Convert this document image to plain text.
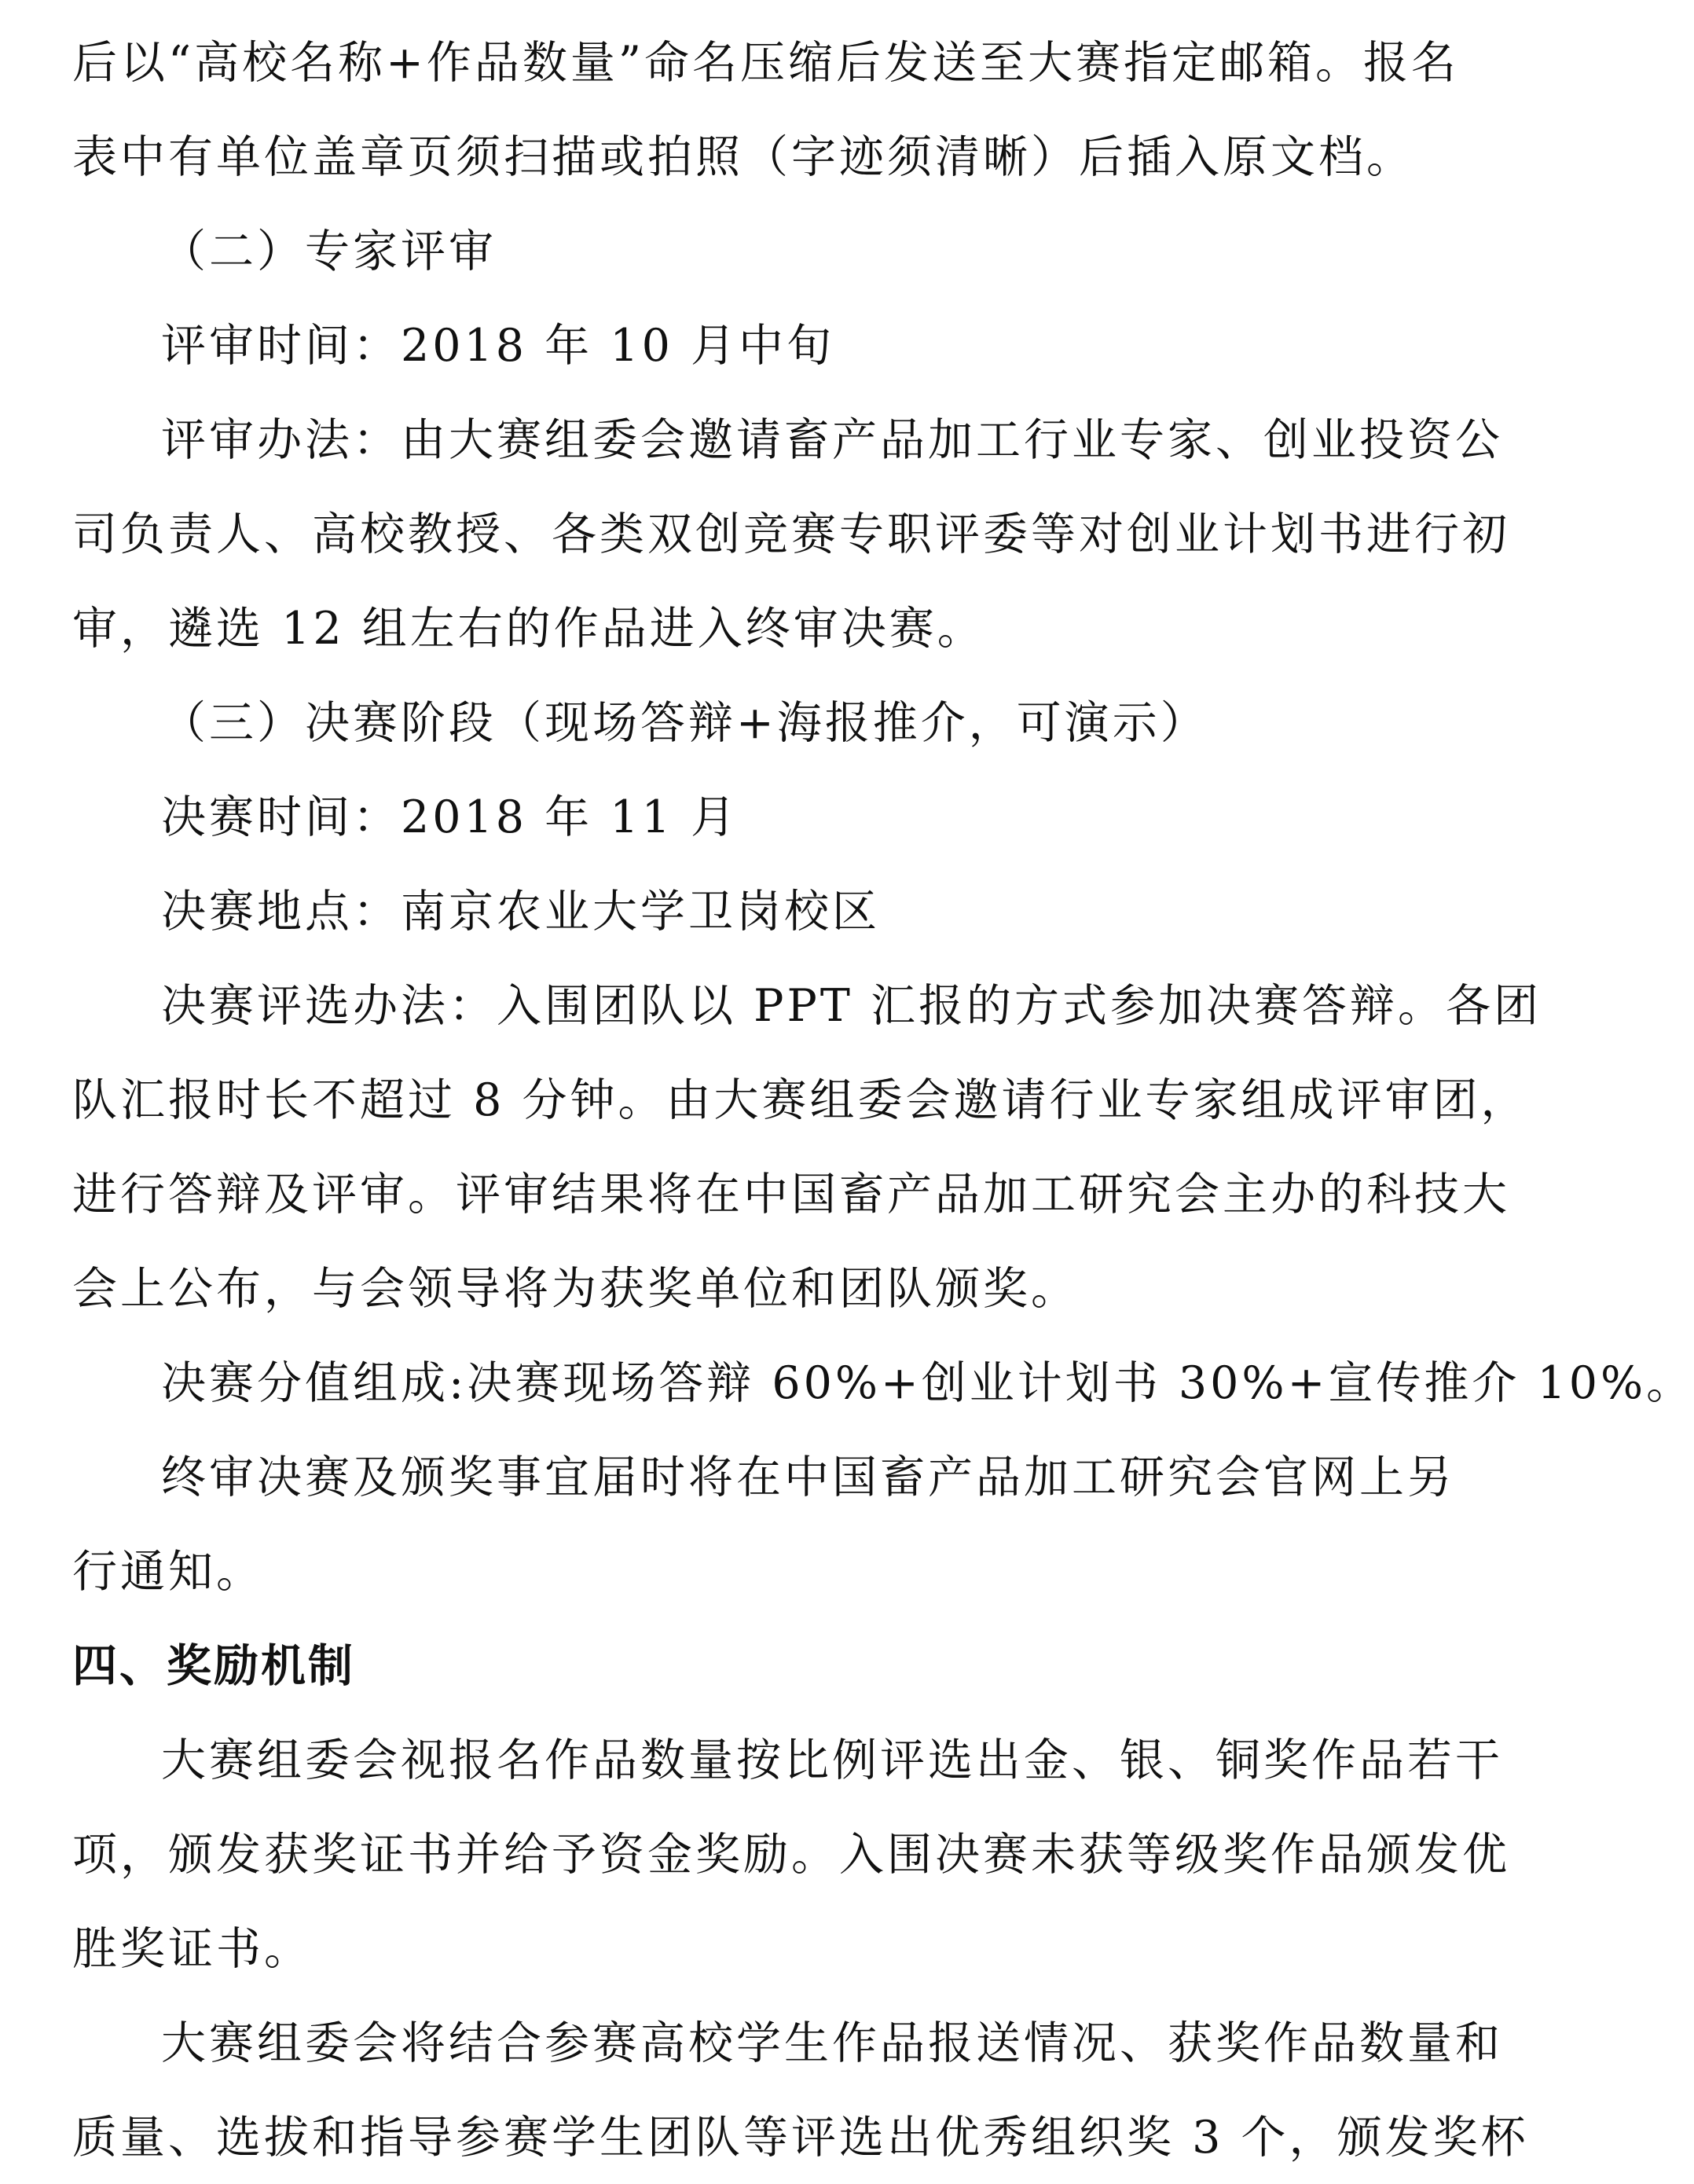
后以“高校名称+作品数量”命名压缩后发送至大赛指定邮箱。报名

表中有单位盖章页须扫描或拍照（字迹须清晰）后插入原文档。

（二）专家评审

评审时间：2018 年 10 月中旬

评审办法：由大赛组委会邀请畜产品加工行业专家、创业投资公

司负责人、高校教授、各类双创竞赛专职评委等对创业计划书进行初

审，遴选 12 组左右的作品进入终审决赛。

（三）决赛阶段（现场答辩+海报推介，可演示）

决赛时间：2018 年 11 月

决赛地点：南京农业大学卫岗校区

决赛评选办法：入围团队以 PPT 汇报的方式参加决赛答辩。各团

队汇报时长不超过 8 分钟。由大赛组委会邀请行业专家组成评审团，

进行答辩及评审。评审结果将在中国畜产品加工研究会主办的科技大

会上公布，与会领导将为获奖单位和团队颁奖。

决赛分值组成:决赛现场答辩 60%+创业计划书 30%+宣传推介 10%。

终审决赛及颁奖事宜届时将在中国畜产品加工研究会官网上另

行通知。

四、奖励机制

大赛组委会视报名作品数量按比例评选出金、银、铜奖作品若干

项，颁发获奖证书并给予资金奖励。入围决赛未获等级奖作品颁发优

胜奖证书。

大赛组委会将结合参赛高校学生作品报送情况、获奖作品数量和

质量、选拔和指导参赛学生团队等评选出优秀组织奖 3 个，颁发奖杯
